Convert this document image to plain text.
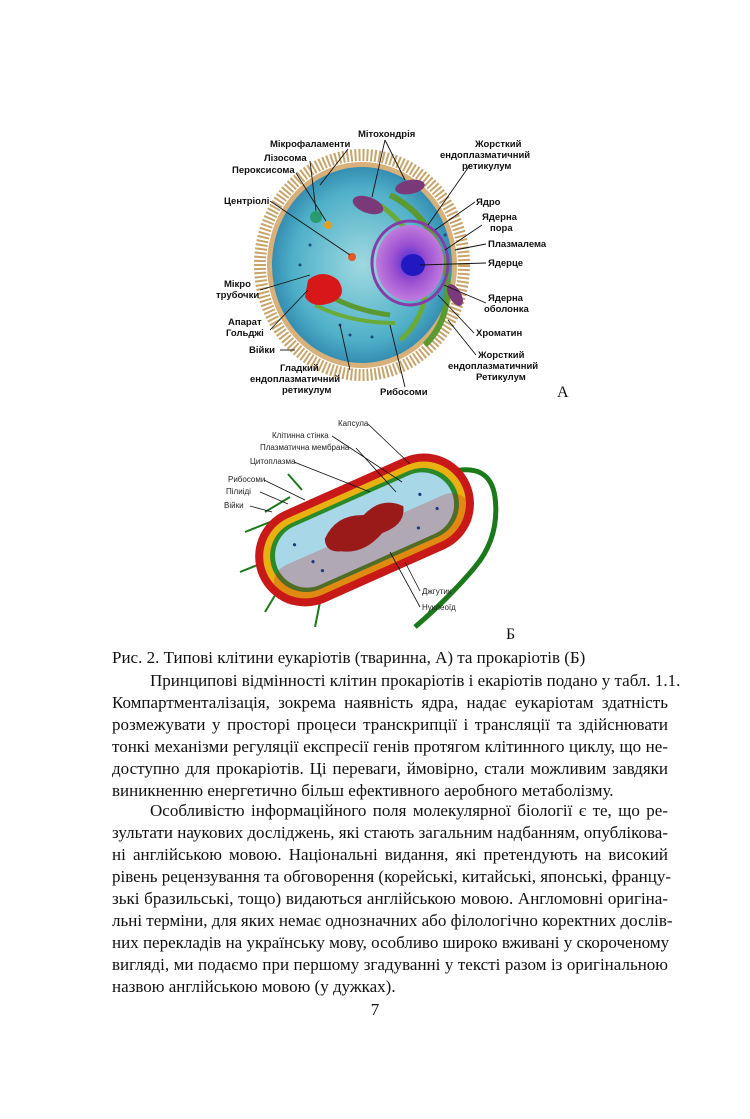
Мікрофаламенти
Мітохондрія
Лізосома
Пероксисома
Центріолі
Мікро
трубочки
Апарат
Гольджі
Війки
Гладкий
ендоплазматичний
ретикулум	Рибосоми
Жорсткий
ендоплазматичний
ретикулум
Ядро
Ядерна
пора
Плазмалема
Ядерце
Ядерна
оболонка
Хроматин
Жорсткий
ендоплазматичний
Ретикулум
А
Капсула
Клітинна стінка
Плазматична мембрана
Цитоплазма
Рибосоми
Пілиіді
Війки
Джгутик
Нуклеоїд
Б
Рис. 2. Типові клітини еукаріотів (тваринна, А) та прокаріотів (Б)
Принципові відмінності клітин прокаріотів і екаріотів подано у табл. 1.1.
Компартменталізація, зокрема наявність ядра, надає еукаріотам здатність
розмежувати у просторі процеси транскрипції і трансляції та здійснювати
тонкі механізми регуляції експресії генів протягом клітинного циклу, що не-
доступно для прокаріотів. Ці переваги, ймовірно, стали можливим завдяки
виникненню енергетично більш ефективного аеробного метаболізму.
Особливістю інформаційного поля молекулярної біології є те, що ре-
зультати наукових досліджень, які стають загальним надбанням, опублікова-
ні англійською мовою. Національні видання, які претендують на високий
рівень рецензування та обговорення (корейські, китайські, японські, францу-
зькі бразильські, тощо) видаються англійською мовою. Англомовні оригіна-
льні терміни, для яких немає однозначних або філологічно коректних дослів-
них перекладів на українську мову, особливо широко вживані у скороченому
вигляді, ми подаємо при першому згадуванні у тексті разом із оригінальною
назвою англійською мовою (у дужках).
7
